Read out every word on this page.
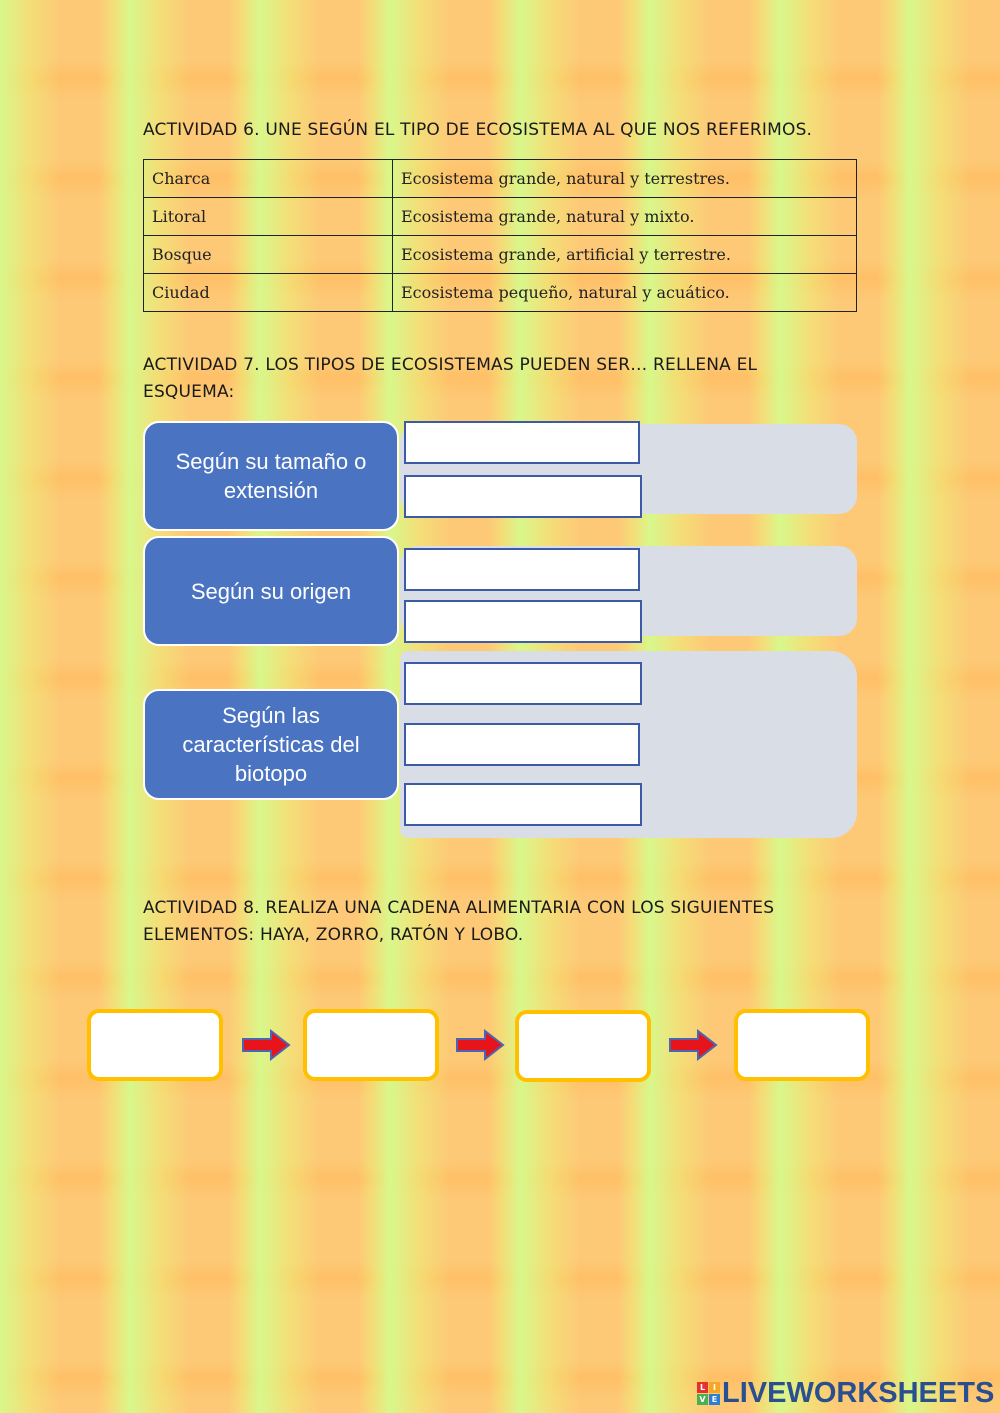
ACTIVIDAD 6. UNE SEGÚN EL TIPO DE ECOSISTEMA AL QUE NOS REFERIMOS.
Charca	Ecosistema grande, natural y terrestres.
Litoral	Ecosistema grande, natural y mixto.
Bosque	Ecosistema grande, artificial y terrestre.
Ciudad	Ecosistema pequeño, natural y acuático.
ACTIVIDAD 7. LOS TIPOS DE ECOSISTEMAS PUEDEN SER… RELLENA EL
ESQUEMA:
Según su tamaño o extensión
Según su origen
Según las características del biotopo
ACTIVIDAD 8. REALIZA UNA CADENA ALIMENTARIA CON LOS SIGUIENTES
ELEMENTOS: HAYA, ZORRO, RATÓN Y LOBO.
L I
V E LIVEWORKSHEETS
